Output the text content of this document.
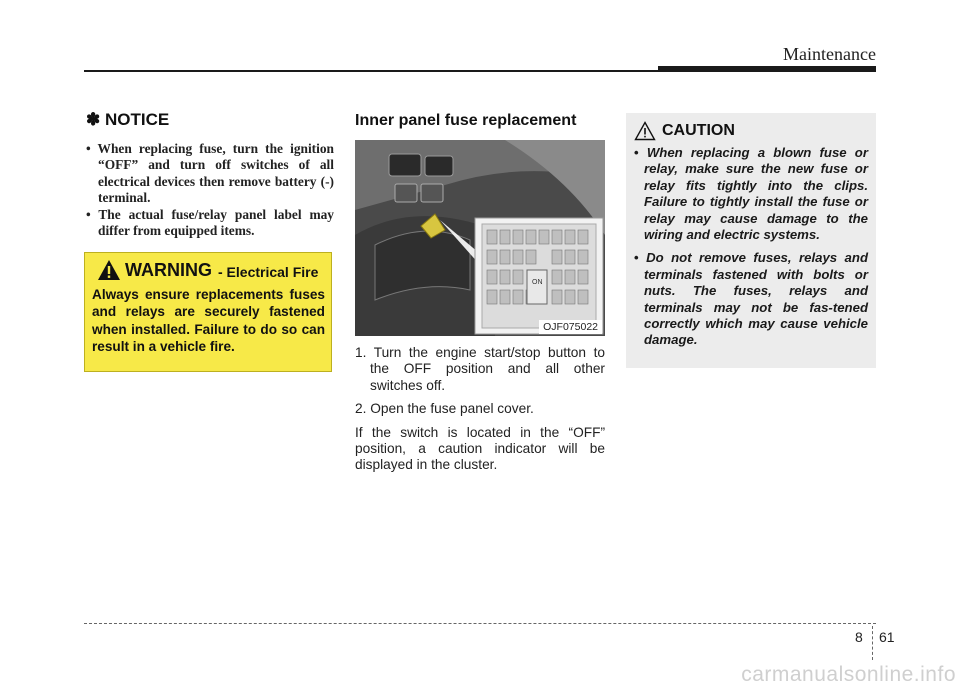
Maintenance
✽ NOTICE
• When replacing fuse, turn the ignition “OFF” and turn off switches of all electrical devices then remove battery (-) terminal.
• The actual fuse/relay panel label may differ from equipped items.
WARNING - Electrical Fire
Always ensure replacements fuses and relays are securely fastened when installed. Failure to do so can result in a vehicle fire.
Inner panel fuse replacement
ON
OJF075022

1. Turn the engine start/stop button to the OFF position and all other switches off.

2. Open the fuse panel cover.

If the switch is located in the “OFF” position, a caution indicator will be displayed in the cluster.

CAUTION
• When replacing a blown fuse or relay, make sure the new fuse or relay fits tightly into the clips. Failure to tightly install the fuse or relay may cause damage to the wiring and electric systems.
• Do not remove fuses, relays and terminals fastened with bolts or nuts. The fuses, relays and terminals may not be fas-tened correctly which may cause vehicle damage.
8 61
carmanualsonline.info
